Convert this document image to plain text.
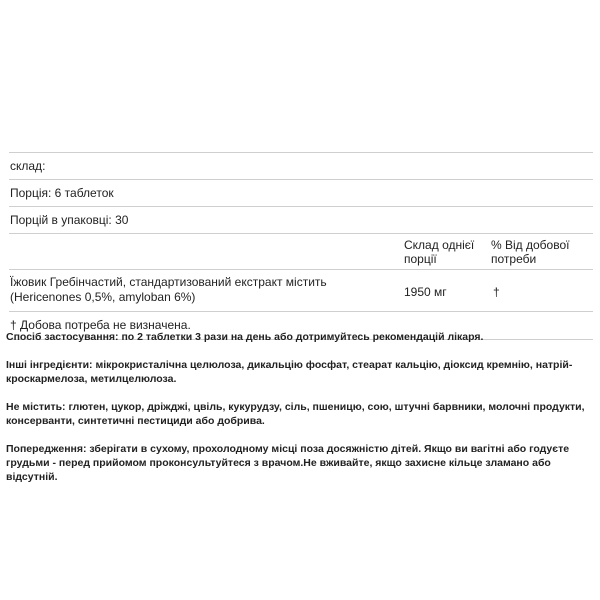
склад:
Порція: 6 таблеток
Порцій в упаковці: 30
Склад однієї порції
% Від добової потреби
Їжовик Гребінчастий, стандартизований екстракт містить (Hericenones 0,5%, amyloban 6%)	1950 мг	†
† Добова потреба не визначена.

Спосіб застосування: по 2 таблетки 3 рази на день або дотримуйтесь рекомендацій лікаря.

Інші інгредієнти: мікрокристалічна целюлоза, дикальцію фосфат, стеарат кальцію, діоксид кремнію, натрій-кроскармелоза, метилцелюлоза.

Не містить: глютен, цукор, дріжджі, цвіль, кукурудзу, сіль, пшеницю, сою, штучні барвники, молочні продукти, консерванти, синтетичні пестициди або добрива.

Попередження: зберігати в сухому, прохолодному місці поза досяжністю дітей. Якщо ви вагітні або годуєте грудьми - перед прийомом проконсультуйтеся з врачом.Не вживайте, якщо захисне кільце зламано або відсутній.
